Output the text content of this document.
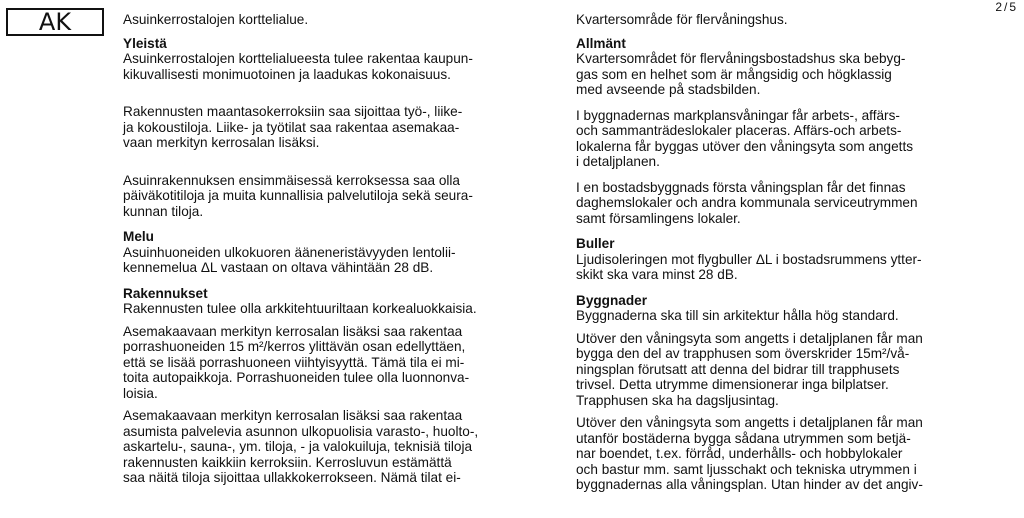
AK
2/5

Asuinkerrostalojen korttelialue.

Yleistä

Asuinkerrostalojen korttelialueesta tulee rakentaa kaupun-
kikuvallisesti monimuotoinen ja laadukas kokonaisuus.

Rakennusten maantasokerroksiin saa sijoittaa työ-, liike-
ja kokoustiloja. Liike- ja työtilat saa rakentaa asemakaa-
vaan merkityn kerrosalan lisäksi.

Asuinrakennuksen ensimmäisessä kerroksessa saa olla
päiväkotitiloja ja muita kunnallisia palvelutiloja sekä seura-
kunnan tiloja.

Melu

Asuinhuoneiden ulkokuoren ääneneristävyyden lentolii-
kennemelua ΔL vastaan on oltava vähintään 28 dB.

Rakennukset

Rakennusten tulee olla arkkitehtuuriltaan korkealuokkaisia.

Asemakaavaan merkityn kerrosalan lisäksi saa rakentaa
porrashuoneiden 15 m²/kerros ylittävän osan edellyttäen,
että se lisää porrashuoneen viihtyisyyttä. Tämä tila ei mi-
toita autopaikkoja. Porrashuoneiden tulee olla luonnonva-
loisia.

Asemakaavaan merkityn kerrosalan lisäksi saa rakentaa
asumista palvelevia asunnon ulkopuolisia varasto-, huolto-,
askartelu-, sauna-, ym. tiloja, - ja valokuiluja, teknisiä tiloja
rakennusten kaikkiin kerroksiin. Kerrosluvun estämättä
saa näitä tiloja sijoittaa ullakkokerrokseen. Nämä tilat ei-

Kvartersområde för flervåningshus.

Allmänt

Kvartersområdet för flervåningsbostadshus ska bebyg-
gas som en helhet som är mångsidig och högklassig
med avseende på stadsbilden.

I byggnadernas markplansvåningar får arbets-, affärs-
och sammanträdeslokaler placeras. Affärs-och arbets-
lokalerna får byggas utöver den våningsyta som angetts
i detaljplanen.

I en bostadsbyggnads första våningsplan får det finnas
daghemslokaler och andra kommunala serviceutrymmen
samt församlingens lokaler.

Buller

Ljudisoleringen mot flygbuller ΔL i bostadsrummens ytter-
skikt ska vara minst 28 dB.

Byggnader

Byggnaderna ska till sin arkitektur hålla hög standard.

Utöver den våningsyta som angetts i detaljplanen får man
bygga den del av trapphusen som överskrider 15m²/vå-
ningsplan förutsatt att denna del bidrar till trapphusets
trivsel. Detta utrymme dimensionerar inga bilplatser.
Trapphusen ska ha dagsljusintag.

Utöver den våningsyta som angetts i detaljplanen får man
utanför bostäderna bygga sådana utrymmen som betjä-
nar boendet, t.ex. förråd, underhålls- och hobbylokaler
och bastur mm. samt ljusschakt och tekniska utrymmen i
byggnadernas alla våningsplan. Utan hinder av det angiv-
